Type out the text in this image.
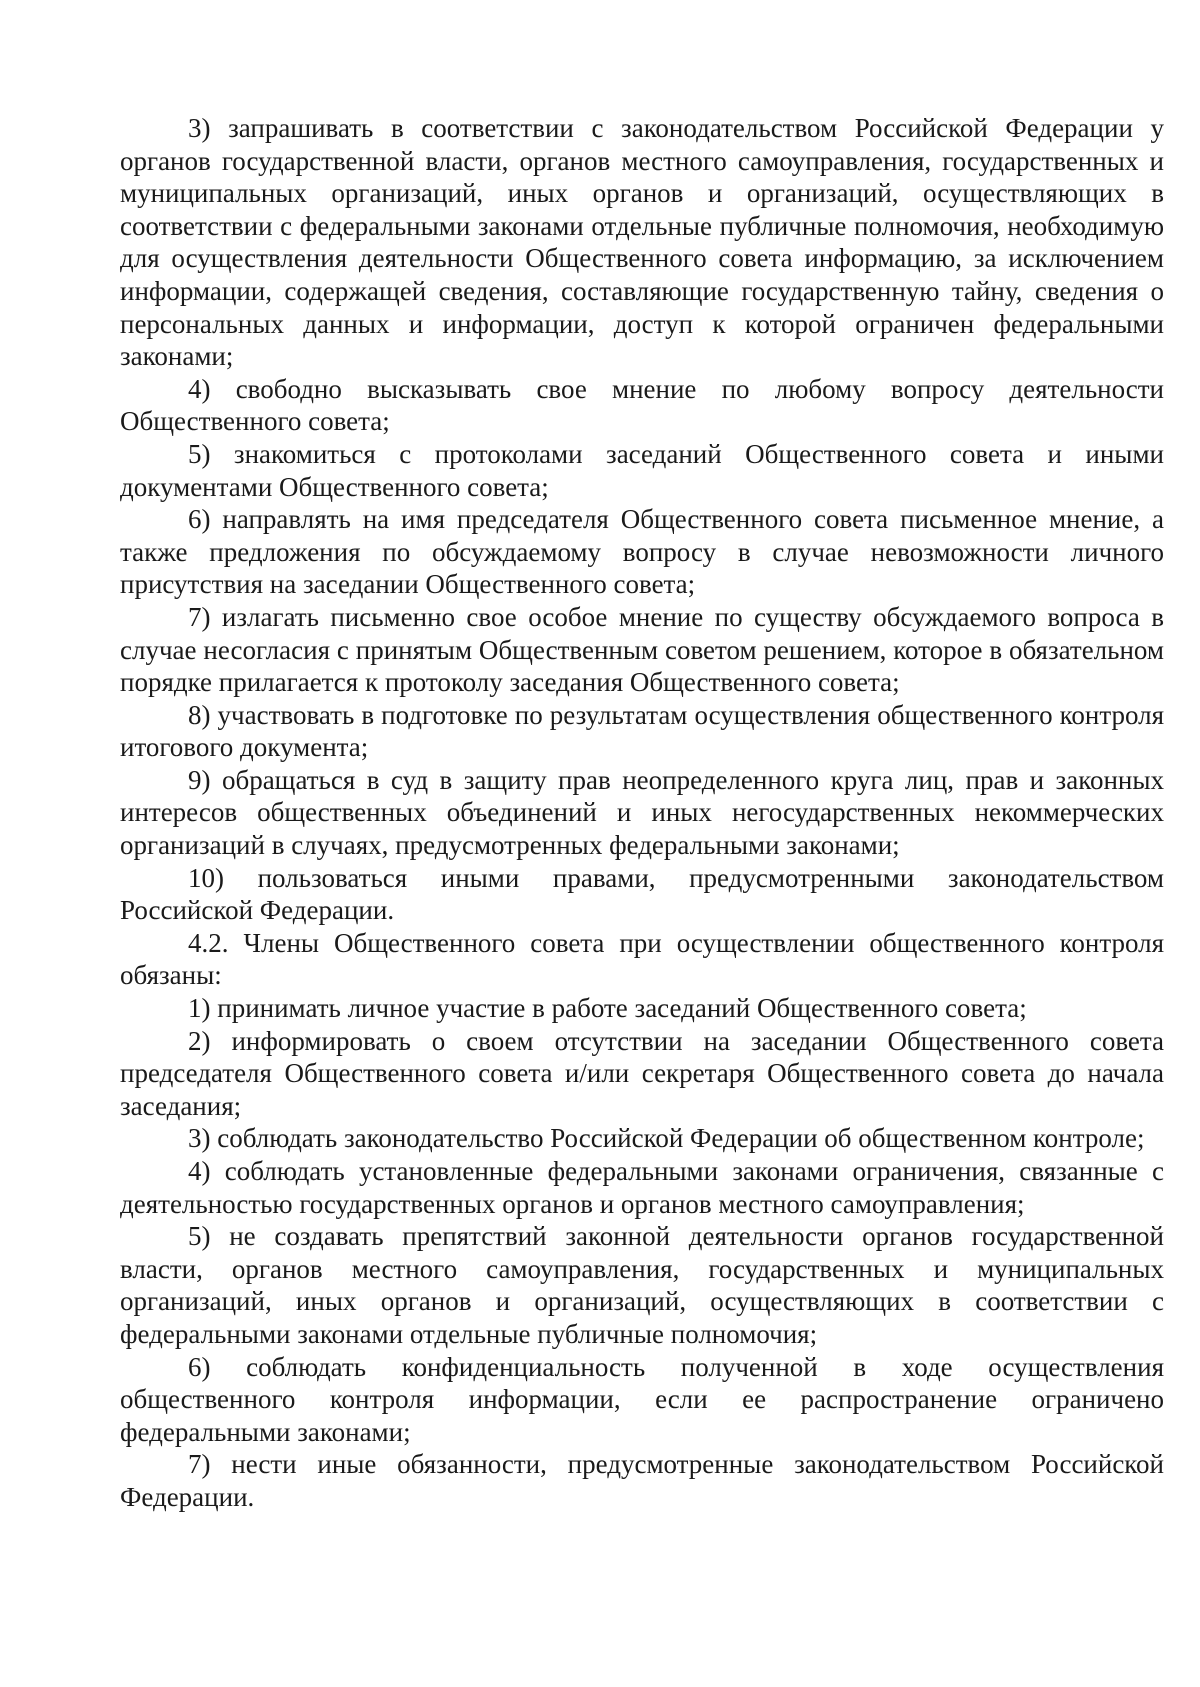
3) запрашивать в соответствии с законодательством Российской Федерации у органов государственной власти, органов местного самоуправления, государственных и муниципальных организаций, иных органов и организаций, осуществляющих в соответствии с федеральными законами отдельные публичные полномочия, необходимую для осуществления деятельности Общественного совета информацию, за исключением информации, содержащей сведения, составляющие государственную тайну, сведения о персональных данных и информации, доступ к которой ограничен федеральными законами;

4) свободно высказывать свое мнение по любому вопросу деятельности Общественного совета;

5) знакомиться с протоколами заседаний Общественного совета и иными документами Общественного совета;

6) направлять на имя председателя Общественного совета письменное мнение, а также предложения по обсуждаемому вопросу в случае невозможности личного присутствия на заседании Общественного совета;

7) излагать письменно свое особое мнение по существу обсуждаемого вопроса в случае несогласия с принятым Общественным советом решением, которое в обязательном порядке прилагается к протоколу заседания Общественного совета;

8) участвовать в подготовке по результатам осуществления общественного контроля итогового документа;

9) обращаться в суд в защиту прав неопределенного круга лиц, прав и законных интересов общественных объединений и иных негосударственных некоммерческих организаций в случаях, предусмотренных федеральными законами;

10) пользоваться иными правами, предусмотренными законодательством Российской Федерации.

4.2. Члены Общественного совета при осуществлении общественного контроля обязаны:

1) принимать личное участие в работе заседаний Общественного совета;

2) информировать о своем отсутствии на заседании Общественного совета председателя Общественного совета и/или секретаря Общественного совета до начала заседания;

3) соблюдать законодательство Российской Федерации об общественном контроле;

4) соблюдать установленные федеральными законами ограничения, связанные с деятельностью государственных органов и органов местного самоуправления;

5) не создавать препятствий законной деятельности органов государственной власти, органов местного самоуправления, государственных и муниципальных организаций, иных органов и организаций, осуществляющих в соответствии с федеральными законами отдельные публичные полномочия;

6) соблюдать конфиденциальность полученной в ходе осуществления общественного контроля информации, если ее распространение ограничено федеральными законами;

7) нести иные обязанности, предусмотренные законодательством Российской Федерации.
